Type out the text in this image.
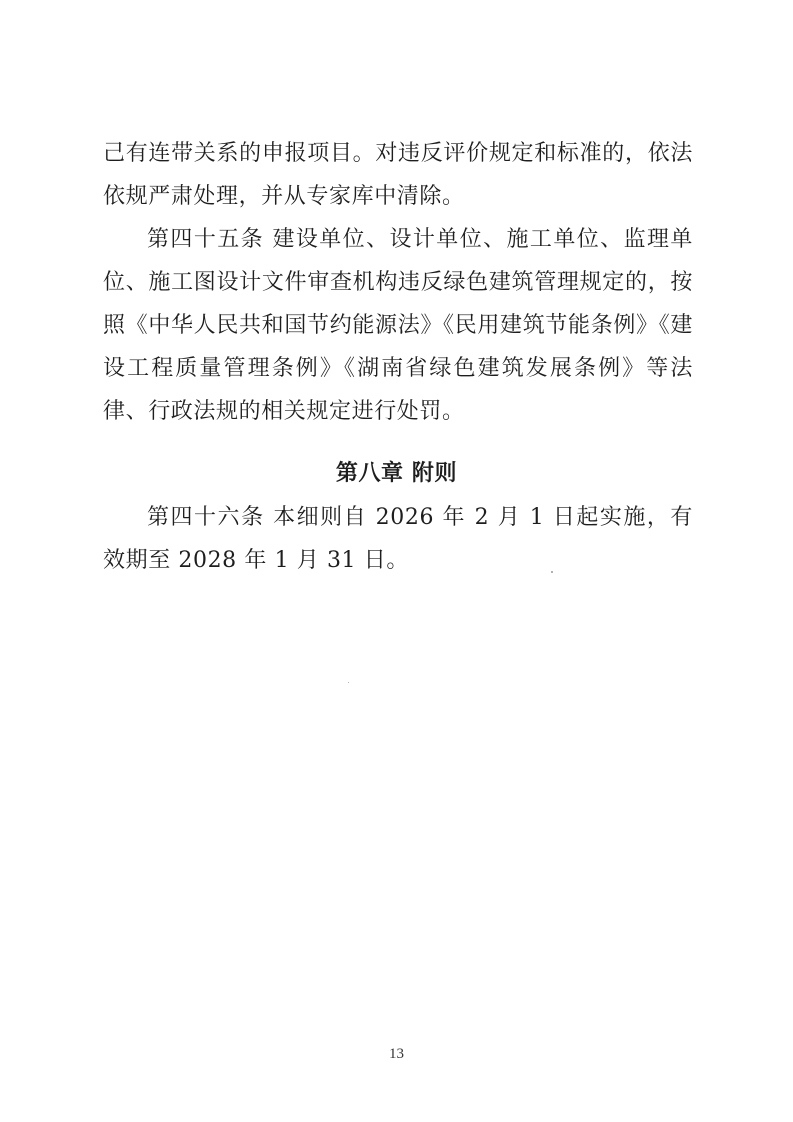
己有连带关系的申报项目。对违反评价规定和标准的，依法依规严肃处理，并从专家库中清除。

第四十五条 建设单位、设计单位、施工单位、监理单位、施工图设计文件审查机构违反绿色建筑管理规定的，按照《中华人民共和国节约能源法》《民用建筑节能条例》《建设工程质量管理条例》《湖南省绿色建筑发展条例》等法律、行政法规的相关规定进行处罚。

第八章 附则

第四十六条 本细则自 2026 年 2 月 1 日起实施，有效期至 2028 年 1 月 31 日。

13
